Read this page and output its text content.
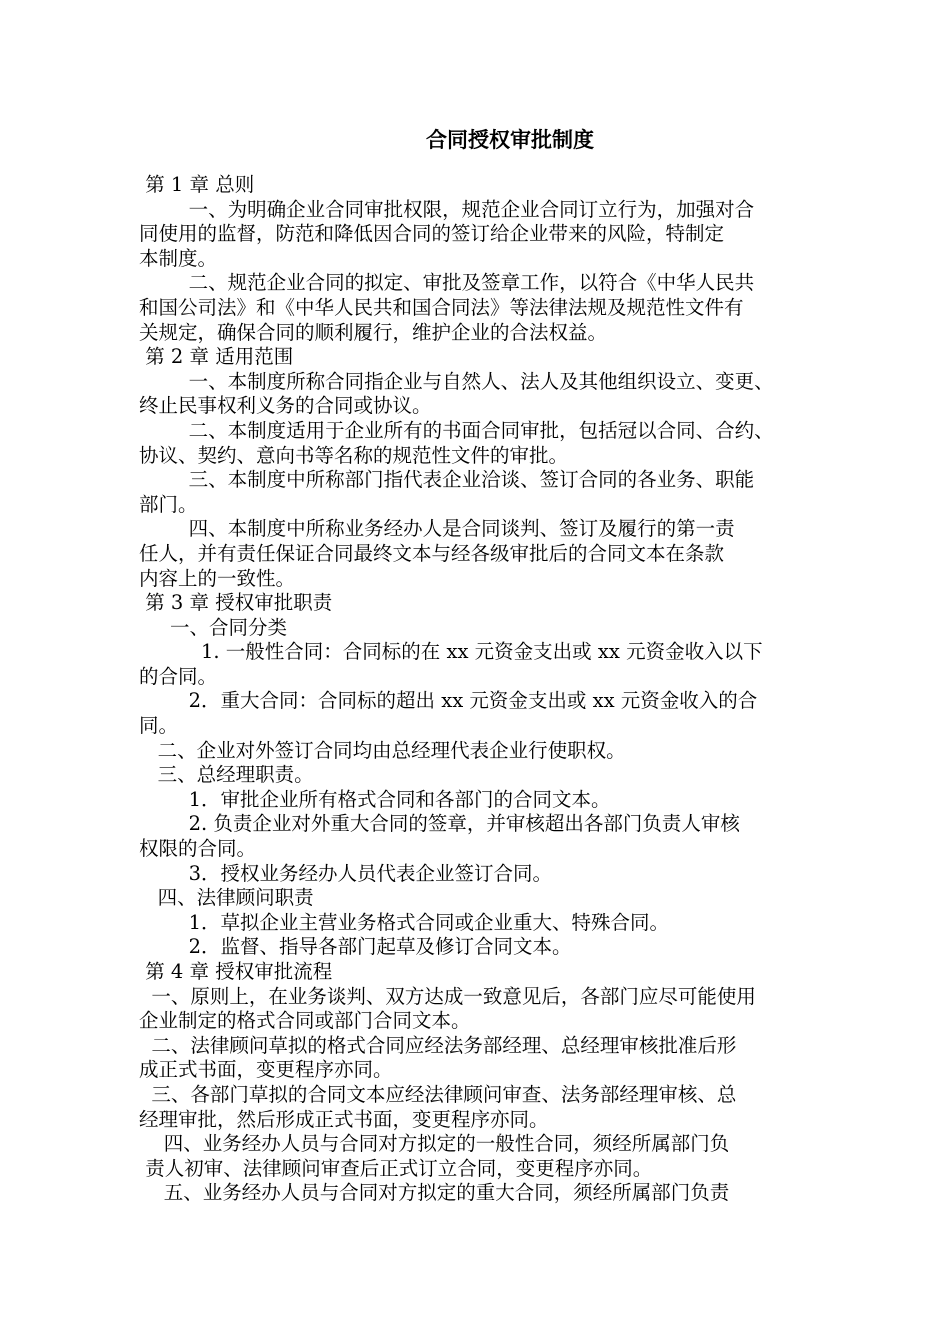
合同授权审批制度
第 1 章 总则
一、为明确企业合同审批权限，规范企业合同订立行为，加强对合
同使用的监督，防范和降低因合同的签订给企业带来的风险，特制定
本制度。
二、规范企业合同的拟定、审批及签章工作，以符合《中华人民共
和国公司法》和《中华人民共和国合同法》等法律法规及规范性文件有
关规定，确保合同的顺利履行，维护企业的合法权益。
第 2 章 适用范围
一、本制度所称合同指企业与自然人、法人及其他组织设立、变更、
终止民事权利义务的合同或协议。
二、本制度适用于企业所有的书面合同审批，包括冠以合同、合约、
协议、契约、意向书等名称的规范性文件的审批。
三、本制度中所称部门指代表企业洽谈、签订合同的各业务、职能
部门。
四、本制度中所称业务经办人是合同谈判、签订及履行的第一责
任人，并有责任保证合同最终文本与经各级审批后的合同文本在条款
内容上的一致性。
第 3 章 授权审批职责
一、合同分类
1. 一般性合同：合同标的在 xx 元资金支出或 xx 元资金收入以下
的合同。
2．重大合同：合同标的超出 xx 元资金支出或 xx 元资金收入的合
同。
二、企业对外签订合同均由总经理代表企业行使职权。
三、总经理职责。
1．审批企业所有格式合同和各部门的合同文本。
2. 负责企业对外重大合同的签章，并审核超出各部门负责人审核
权限的合同。
3．授权业务经办人员代表企业签订合同。
四、法律顾问职责
1．草拟企业主营业务格式合同或企业重大、特殊合同。
2．监督、指导各部门起草及修订合同文本。
第 4 章 授权审批流程
一、原则上，在业务谈判、双方达成一致意见后，各部门应尽可能使用
企业制定的格式合同或部门合同文本。
二、法律顾问草拟的格式合同应经法务部经理、总经理审核批准后形
成正式书面，变更程序亦同。
三、各部门草拟的合同文本应经法律顾问审查、法务部经理审核、总
经理审批，然后形成正式书面，变更程序亦同。
四、业务经办人员与合同对方拟定的一般性合同，须经所属部门负
责人初审、法律顾问审查后正式订立合同，变更程序亦同。
五、业务经办人员与合同对方拟定的重大合同，须经所属部门负责
